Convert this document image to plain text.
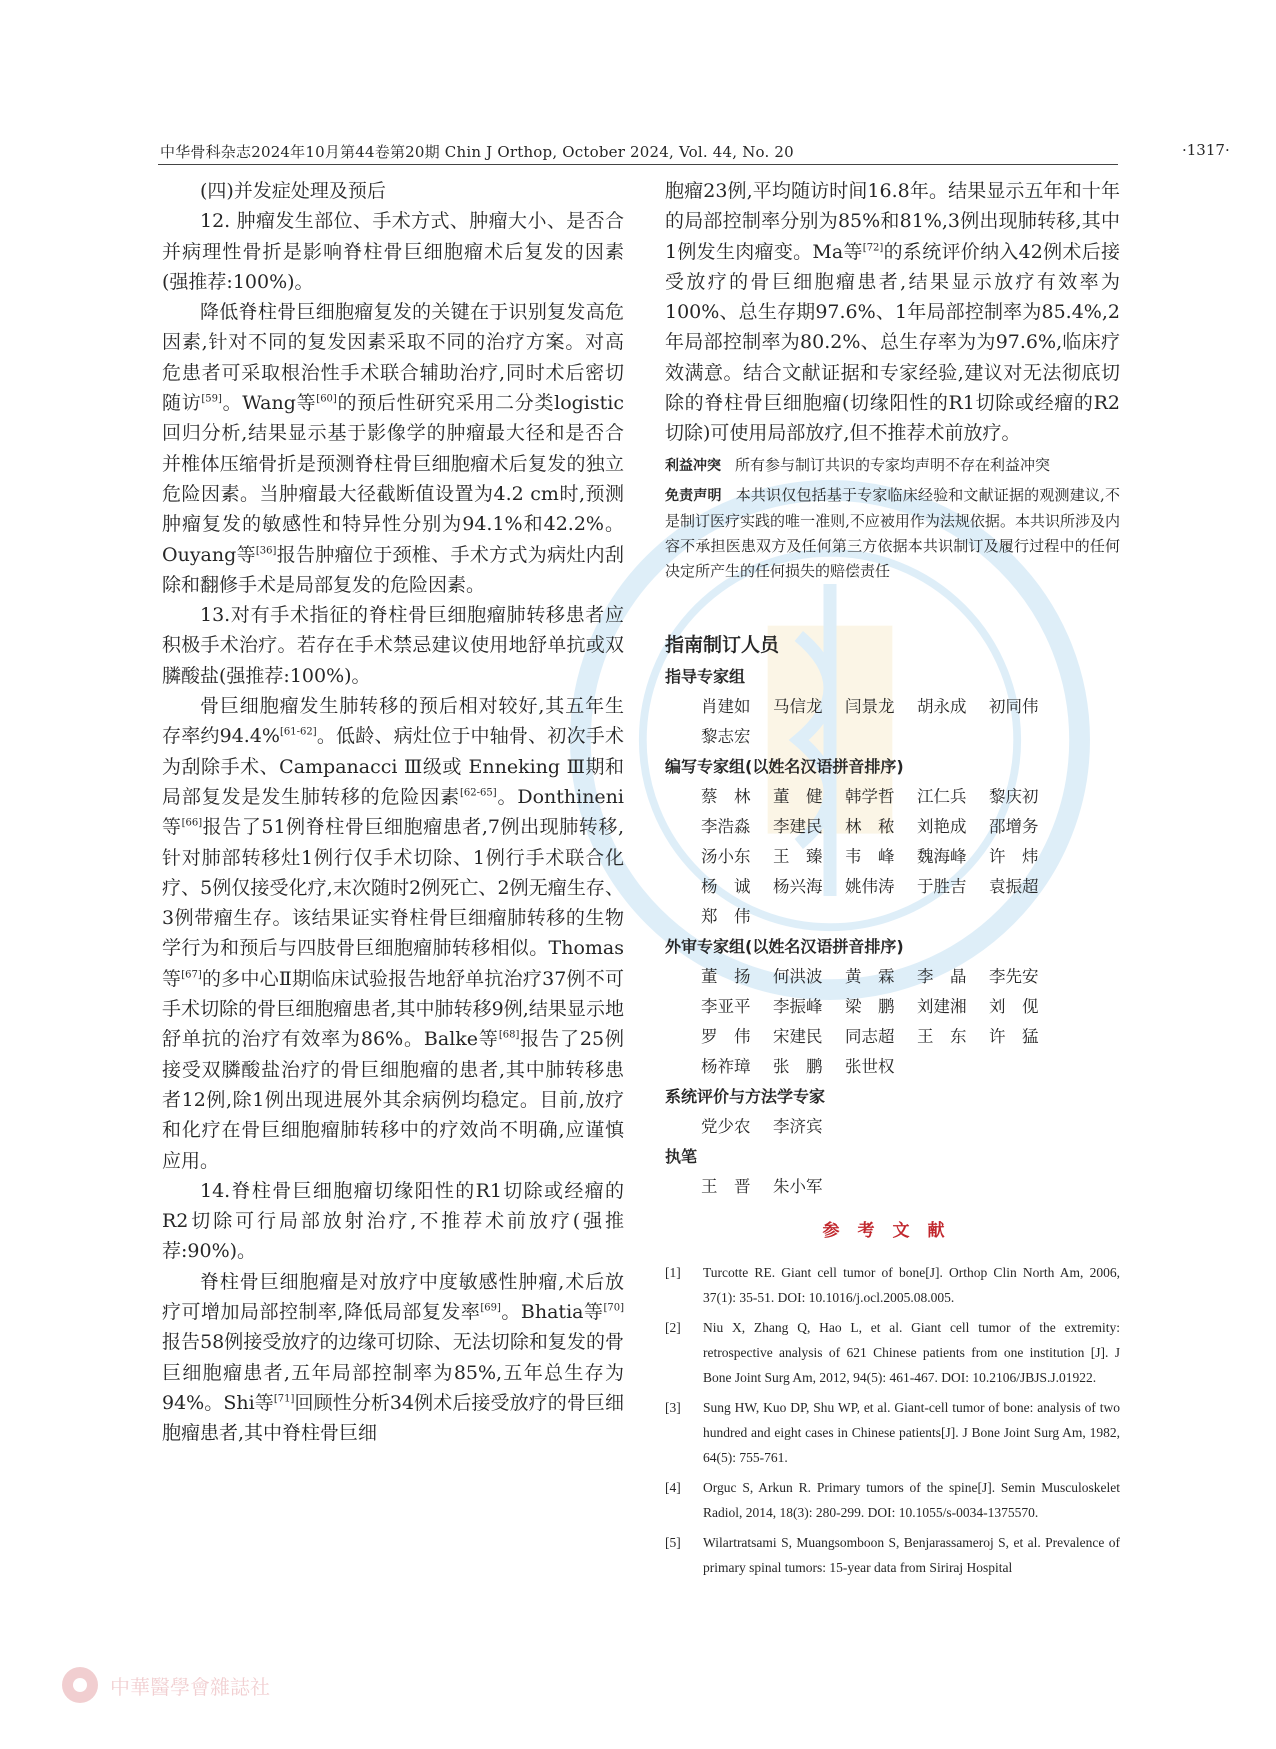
中华骨科杂志2024年10月第44卷第20期 Chin J Orthop, October 2024, Vol. 44, No. 20	·1317·

(四)并发症处理及预后

12. 肿瘤发生部位、手术方式、肿瘤大小、是否合并病理性骨折是影响脊柱骨巨细胞瘤术后复发的因素(强推荐:100%)。

降低脊柱骨巨细胞瘤复发的关键在于识别复发高危因素,针对不同的复发因素采取不同的治疗方案。对高危患者可采取根治性手术联合辅助治疗,同时术后密切随访[59]。Wang等[60]的预后性研究采用二分类logistic回归分析,结果显示基于影像学的肿瘤最大径和是否合并椎体压缩骨折是预测脊柱骨巨细胞瘤术后复发的独立危险因素。当肿瘤最大径截断值设置为4.2 cm时,预测肿瘤复发的敏感性和特异性分别为94.1%和42.2%。Ouyang等[36]报告肿瘤位于颈椎、手术方式为病灶内刮除和翻修手术是局部复发的危险因素。

13.对有手术指征的脊柱骨巨细胞瘤肺转移患者应积极手术治疗。若存在手术禁忌建议使用地舒单抗或双膦酸盐(强推荐:100%)。

骨巨细胞瘤发生肺转移的预后相对较好,其五年生存率约94.4%[61-62]。低龄、病灶位于中轴骨、初次手术为刮除手术、Campanacci Ⅲ级或 Enneking Ⅲ期和局部复发是发生肺转移的危险因素[62-65]。Donthineni等[66]报告了51例脊柱骨巨细胞瘤患者,7例出现肺转移,针对肺部转移灶1例行仅手术切除、1例行手术联合化疗、5例仅接受化疗,末次随时2例死亡、2例无瘤生存、3例带瘤生存。该结果证实脊柱骨巨细瘤肺转移的生物学行为和预后与四肢骨巨细胞瘤肺转移相似。Thomas等[67]的多中心Ⅱ期临床试验报告地舒单抗治疗37例不可手术切除的骨巨细胞瘤患者,其中肺转移9例,结果显示地舒单抗的治疗有效率为86%。Balke等[68]报告了25例接受双膦酸盐治疗的骨巨细胞瘤的患者,其中肺转移患者12例,除1例出现进展外其余病例均稳定。目前,放疗和化疗在骨巨细胞瘤肺转移中的疗效尚不明确,应谨慎应用。

14.脊柱骨巨细胞瘤切缘阳性的R1切除或经瘤的R2切除可行局部放射治疗,不推荐术前放疗(强推荐:90%)。

脊柱骨巨细胞瘤是对放疗中度敏感性肿瘤,术后放疗可增加局部控制率,降低局部复发率[69]。Bhatia等[70]报告58例接受放疗的边缘可切除、无法切除和复发的骨巨细胞瘤患者,五年局部控制率为85%,五年总生存为94%。Shi等[71]回顾性分析34例术后接受放疗的骨巨细胞瘤患者,其中脊柱骨巨细

胞瘤23例,平均随访时间16.8年。结果显示五年和十年的局部控制率分别为85%和81%,3例出现肺转移,其中1例发生肉瘤变。Ma等[72]的系统评价纳入42例术后接受放疗的骨巨细胞瘤患者,结果显示放疗有效率为100%、总生存期97.6%、1年局部控制率为85.4%,2年局部控制率为80.2%、总生存率为为97.6%,临床疗效满意。结合文献证据和专家经验,建议对无法彻底切除的脊柱骨巨细胞瘤(切缘阳性的R1切除或经瘤的R2切除)可使用局部放疗,但不推荐术前放疗。

利益冲突 所有参与制订共识的专家均声明不存在利益冲突

免责声明 本共识仅包括基于专家临床经验和文献证据的观测建议,不是制订医疗实践的唯一准则,不应被用作为法规依据。本共识所涉及内容不承担医患双方及任何第三方依据本共识制订及履行过程中的任何决定所产生的任何损失的赔偿责任

指南制订人员

指导专家组
肖建如	马信龙	闫景龙	胡永成	初同伟
黎志宏
编写专家组(以姓名汉语拼音排序)
蔡　林	董　健	韩学哲	江仁兵	黎庆初
李浩淼	李建民	林　秾	刘艳成	邵增务
汤小东	王　臻	韦　峰	魏海峰	许　炜
杨　诚	杨兴海	姚伟涛	于胜吉	袁振超
郑　伟
外审专家组(以姓名汉语拼音排序)
董　扬	何洪波	黄　霖	李　晶	李先安
李亚平	李振峰	梁　鹏	刘建湘	刘　伣
罗　伟	宋建民	同志超	王　东	许　猛
杨祚璋	张　鹏	张世权
系统评价与方法学专家
党少农	李济宾
执笔
王　晋	朱小军

参考文献

[1]	Turcotte RE. Giant cell tumor of bone[J]. Orthop Clin North Am, 2006, 37(1): 35-51. DOI: 10.1016/j.ocl.2005.08.005.
[2]	Niu X, Zhang Q, Hao L, et al. Giant cell tumor of the extremity: retrospective analysis of 621 Chinese patients from one institution [J]. J Bone Joint Surg Am, 2012, 94(5): 461-467. DOI: 10.2106/JBJS.J.01922.
[3]	Sung HW, Kuo DP, Shu WP, et al. Giant-cell tumor of bone: analysis of two hundred and eight cases in Chinese patients[J]. J Bone Joint Surg Am, 1982, 64(5): 755-761.
[4]	Orguc S, Arkun R. Primary tumors of the spine[J]. Semin Musculoskelet Radiol, 2014, 18(3): 280-299. DOI: 10.1055/s-0034-1375570.
[5]	Wilartratsami S, Muangsomboon S, Benjarassameroj S, et al. Prevalence of primary spinal tumors: 15-year data from Siriraj Hospital
中華醫學會雜誌社
